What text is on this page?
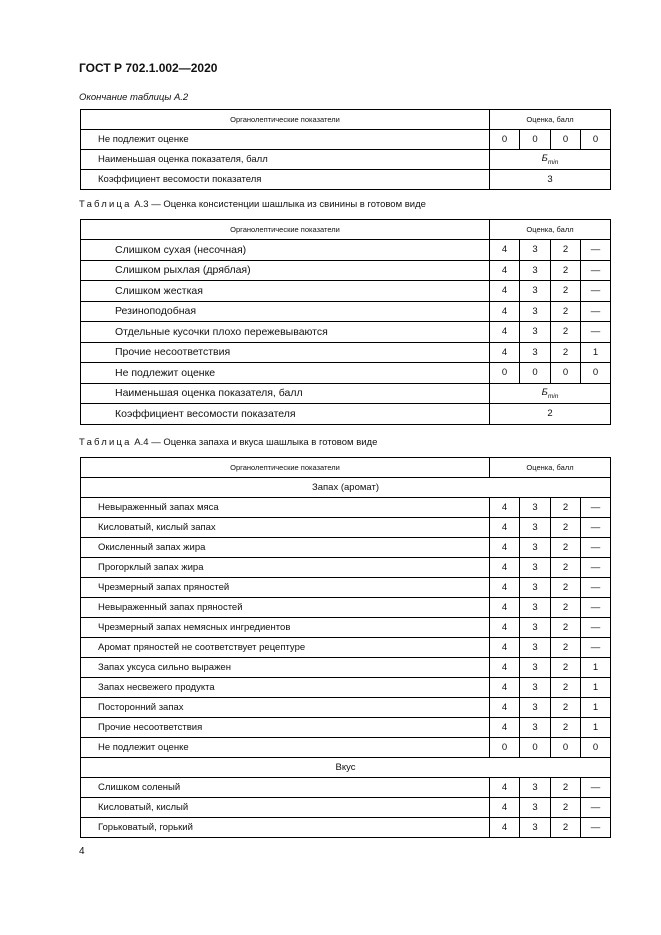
ГОСТ Р 702.1.002—2020
Окончание таблицы А.2
Органолептические показатели	Оценка, балл			
Не подлежит оценке	0	0	0	0
Наименьшая оценка показателя, балл	$Б_{min}$
Коэффициент весомости показателя	3			
Таблица А.3 — Оценка консистенции шашлыка из свинины в готовом виде
Органолептические показатели	Оценка, балл			
Слишком сухая (несочная)	4	3	2	—
Слишком рыхлая (дряблая)	4	3	2	—
Слишком жесткая	4	3	2	—
Резиноподобная	4	3	2	—
Отдельные кусочки плохо пережевываются	4	3	2	—
Прочие несоответствия	4	3	2	1
Не подлежит оценке	0	0	0	0
Наименьшая оценка показателя, балл	$Б_{min}$
Коэффициент весомости показателя	2			
Таблица А.4 — Оценка запаха и вкуса шашлыка в готовом виде
Органолептические показатели	Оценка, балл			
Запах (аромат)				
Невыраженный запах мяса	4	3	2	—
Кисловатый, кислый запах	4	3	2	—
Окисленный запах жира	4	3	2	—
Прогорклый запах жира	4	3	2	—
Чрезмерный запах пряностей	4	3	2	—
Невыраженный запах пряностей	4	3	2	—
Чрезмерный запах немясных ингредиентов	4	3	2	—
Аромат пряностей не соответствует рецептуре	4	3	2	—
Запах уксуса сильно выражен	4	3	2	1
Запах несвежего продукта	4	3	2	1
Посторонний запах	4	3	2	1
Прочие несоответствия	4	3	2	1
Не подлежит оценке	0	0	0	0
Вкус				
Слишком соленый	4	3	2	—
Кисловатый, кислый	4	3	2	—
Горьковатый, горький	4	3	2	—
4
